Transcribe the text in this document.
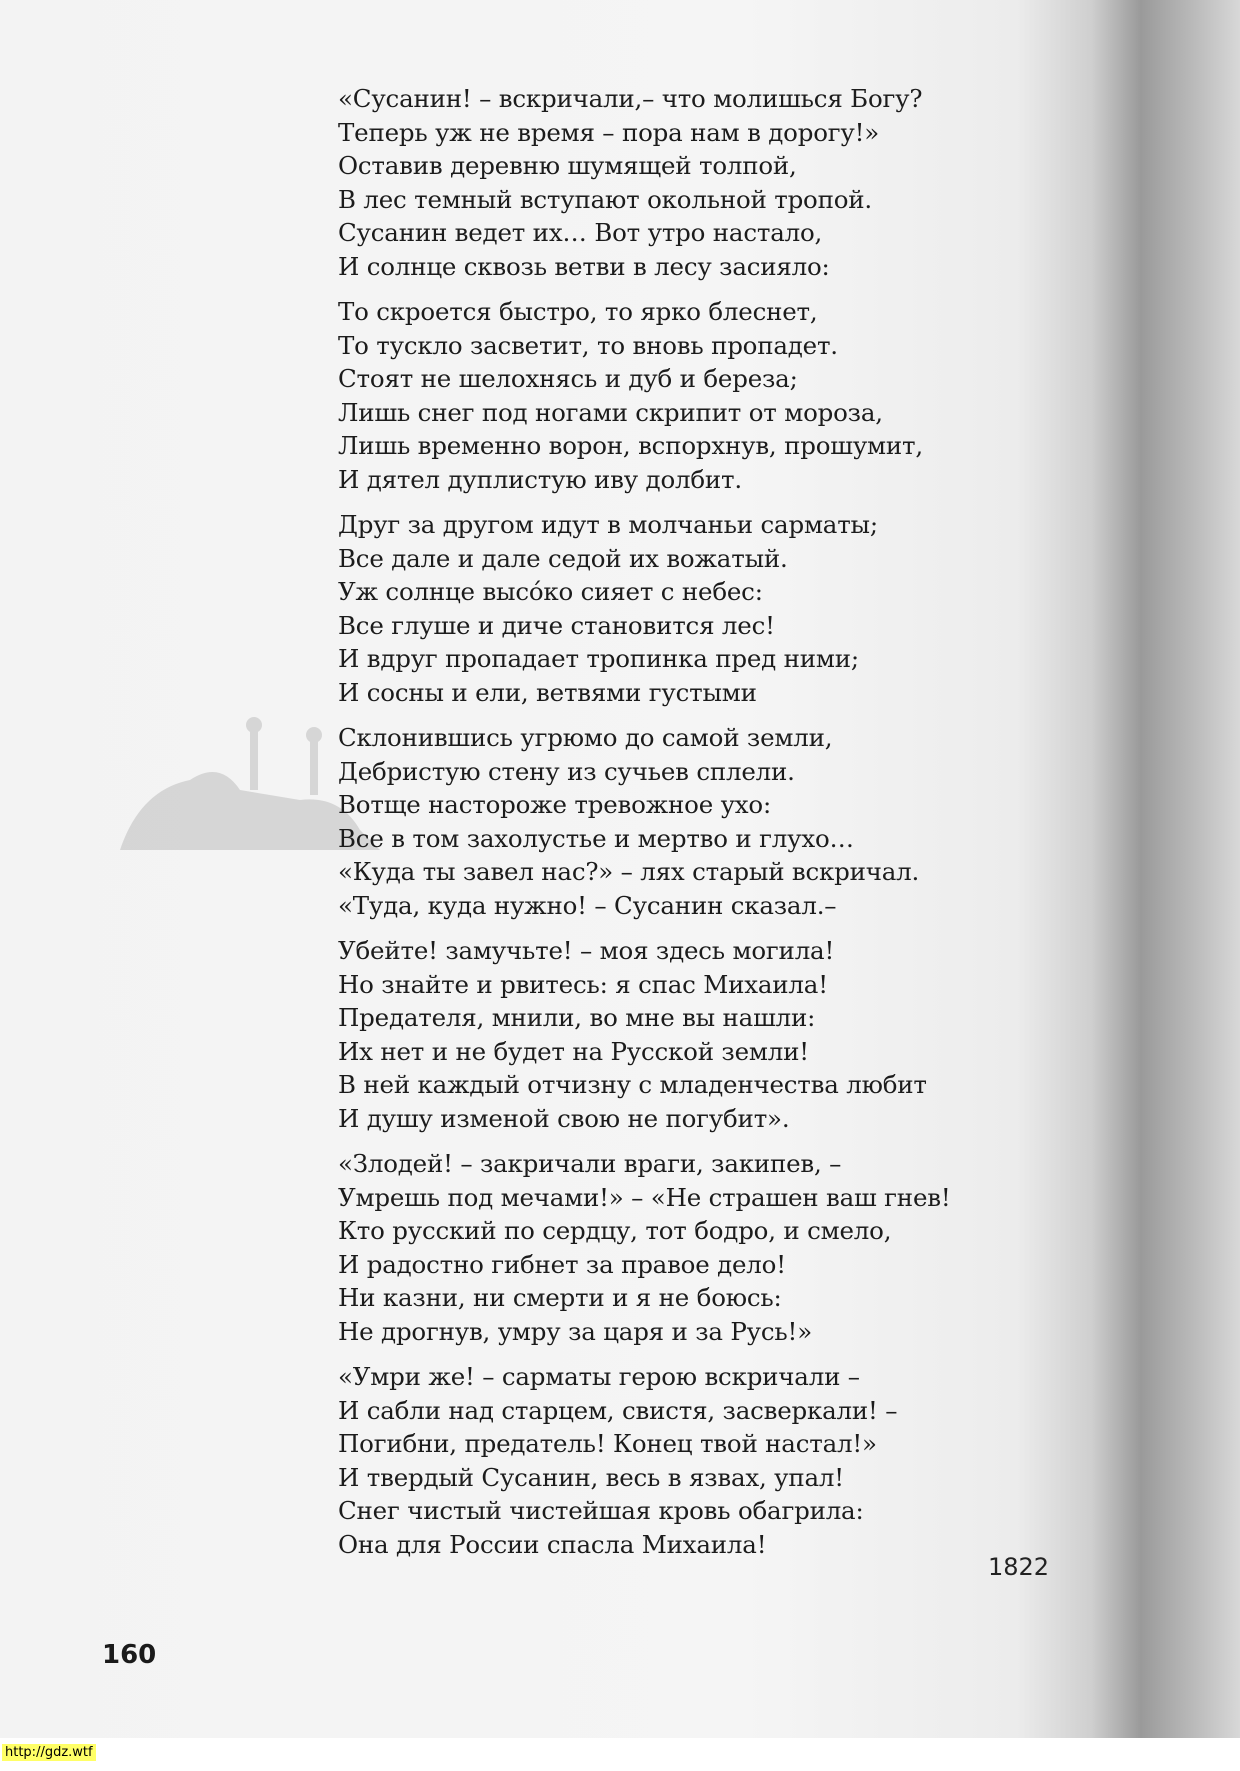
«Сусанин! – вскричали,– что молишься Богу?
Теперь уж не время – пора нам в дорогу!»
Оставив деревню шумящей толпой,
В лес темный вступают окольной тропой.
Сусанин ведет их… Вот утро настало,
И солнце сквозь ветви в лесу засияло:
То скроется быстро, то ярко блеснет,
То тускло засветит, то вновь пропадет.
Стоят не шелохнясь и дуб и береза;
Лишь снег под ногами скрипит от мороза,
Лишь временно ворон, вспорхнув, прошумит,
И дятел дуплистую иву долбит.
Друг за другом идут в молчаньи сарматы;
Все дале и дале седой их вожатый.
Уж солнце высо́ко сияет с небес:
Все глуше и диче становится лес!
И вдруг пропадает тропинка пред ними;
И сосны и ели, ветвями густыми
Склонившись угрюмо до самой земли,
Дебристую стену из сучьев сплели.
Вотще настороже тревожное ухо:
Все в том захолустье и мертво и глухо…
«Куда ты завел нас?» – лях старый вскричал.
«Туда, куда нужно! – Сусанин сказал.–
Убейте! замучьте! – моя здесь могила!
Но знайте и рвитесь: я спас Михаила!
Предателя, мнили, во мне вы нашли:
Их нет и не будет на Русской земли!
В ней каждый отчизну с младенчества любит
И душу изменой свою не погубит».
«Злодей! – закричали враги, закипев, –
Умрешь под мечами!» – «Не страшен ваш гнев!
Кто русский по сердцу, тот бодро, и смело,
И радостно гибнет за правое дело!
Ни казни, ни смерти и я не боюсь:
Не дрогнув, умру за царя и за Русь!»
«Умри же! – сарматы герою вскричали –
И сабли над старцем, свистя, засверкали! –
Погибни, предатель! Конец твой настал!»
И твердый Сусанин, весь в язвах, упал!
Снег чистый чистейшая кровь обагрила:
Она для России спасла Михаила!
1822
160
http://gdz.wtf
